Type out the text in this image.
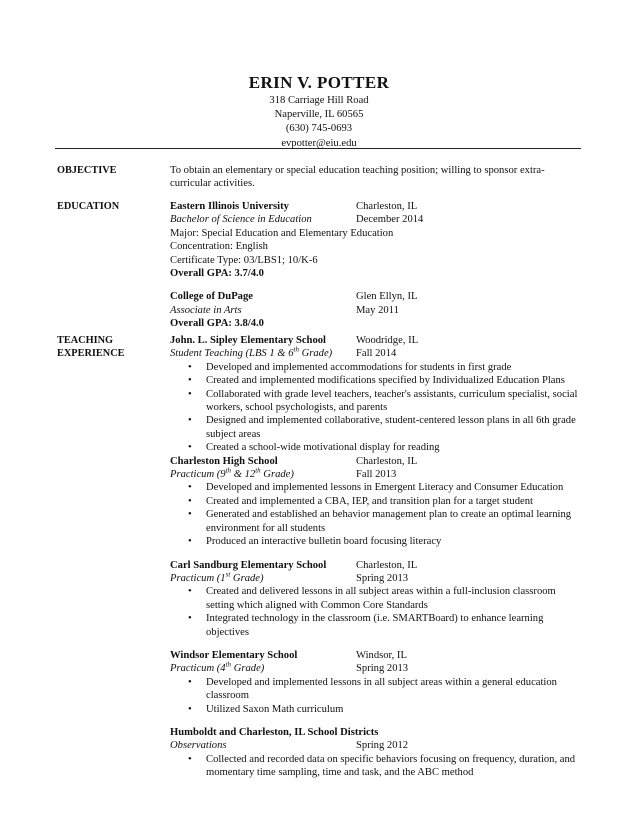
ERIN V. POTTER
318 Carriage Hill Road
Naperville, IL 60565
(630) 745-0693
evpotter@eiu.edu
OBJECTIVE	To obtain an elementary or special education teaching position; willing to sponsor extra-curricular activities.
EDUCATION	Eastern Illinois University	Charleston, IL
Bachelor of Science in Education	December 2014
Major: Special Education and Elementary Education
Concentration: English
Certificate Type: 03/LBS1; 10/K-6
Overall GPA: 3.7/4.0
College of DuPage	Glen Ellyn, IL
Associate in Arts	May 2011
Overall GPA: 3.8/4.0
TEACHING
EXPERIENCE
John. L. Sipley Elementary School	Woodridge, IL
Student Teaching (LBS 1 & 6th Grade)	Fall 2014
• Developed and implemented accommodations for students in first grade
• Created and implemented modifications specified by Individualized Education Plans
• Collaborated with grade level teachers, teacher's assistants, curriculum specialist, social workers, school psychologists, and parents
• Designed and implemented collaborative, student-centered lesson plans in all 6th grade subject areas
• Created a school-wide motivational display for reading
Charleston High School	Charleston, IL
Practicum (9th & 12th Grade)	Fall 2013
• Developed and implemented lessons in Emergent Literacy and Consumer Education
• Created and implemented a CBA, IEP, and transition plan for a target student
• Generated and established an behavior management plan to create an optimal learning environment for all students
• Produced an interactive bulletin board focusing literacy
Carl Sandburg Elementary School	Charleston, IL
Practicum (1st Grade)	Spring 2013
• Created and delivered lessons in all subject areas within a full-inclusion classroom setting which aligned with Common Core Standards
• Integrated technology in the classroom (i.e. SMARTBoard) to enhance learning objectives
Windsor Elementary School	Windsor, IL
Practicum (4th Grade)	Spring 2013
• Developed and implemented lessons in all subject areas within a general education classroom
• Utilized Saxon Math curriculum
Humboldt and Charleston, IL School Districts
Observations	Spring 2012
• Collected and recorded data on specific behaviors focusing on frequency, duration, and momentary time sampling, time and task, and the ABC method
